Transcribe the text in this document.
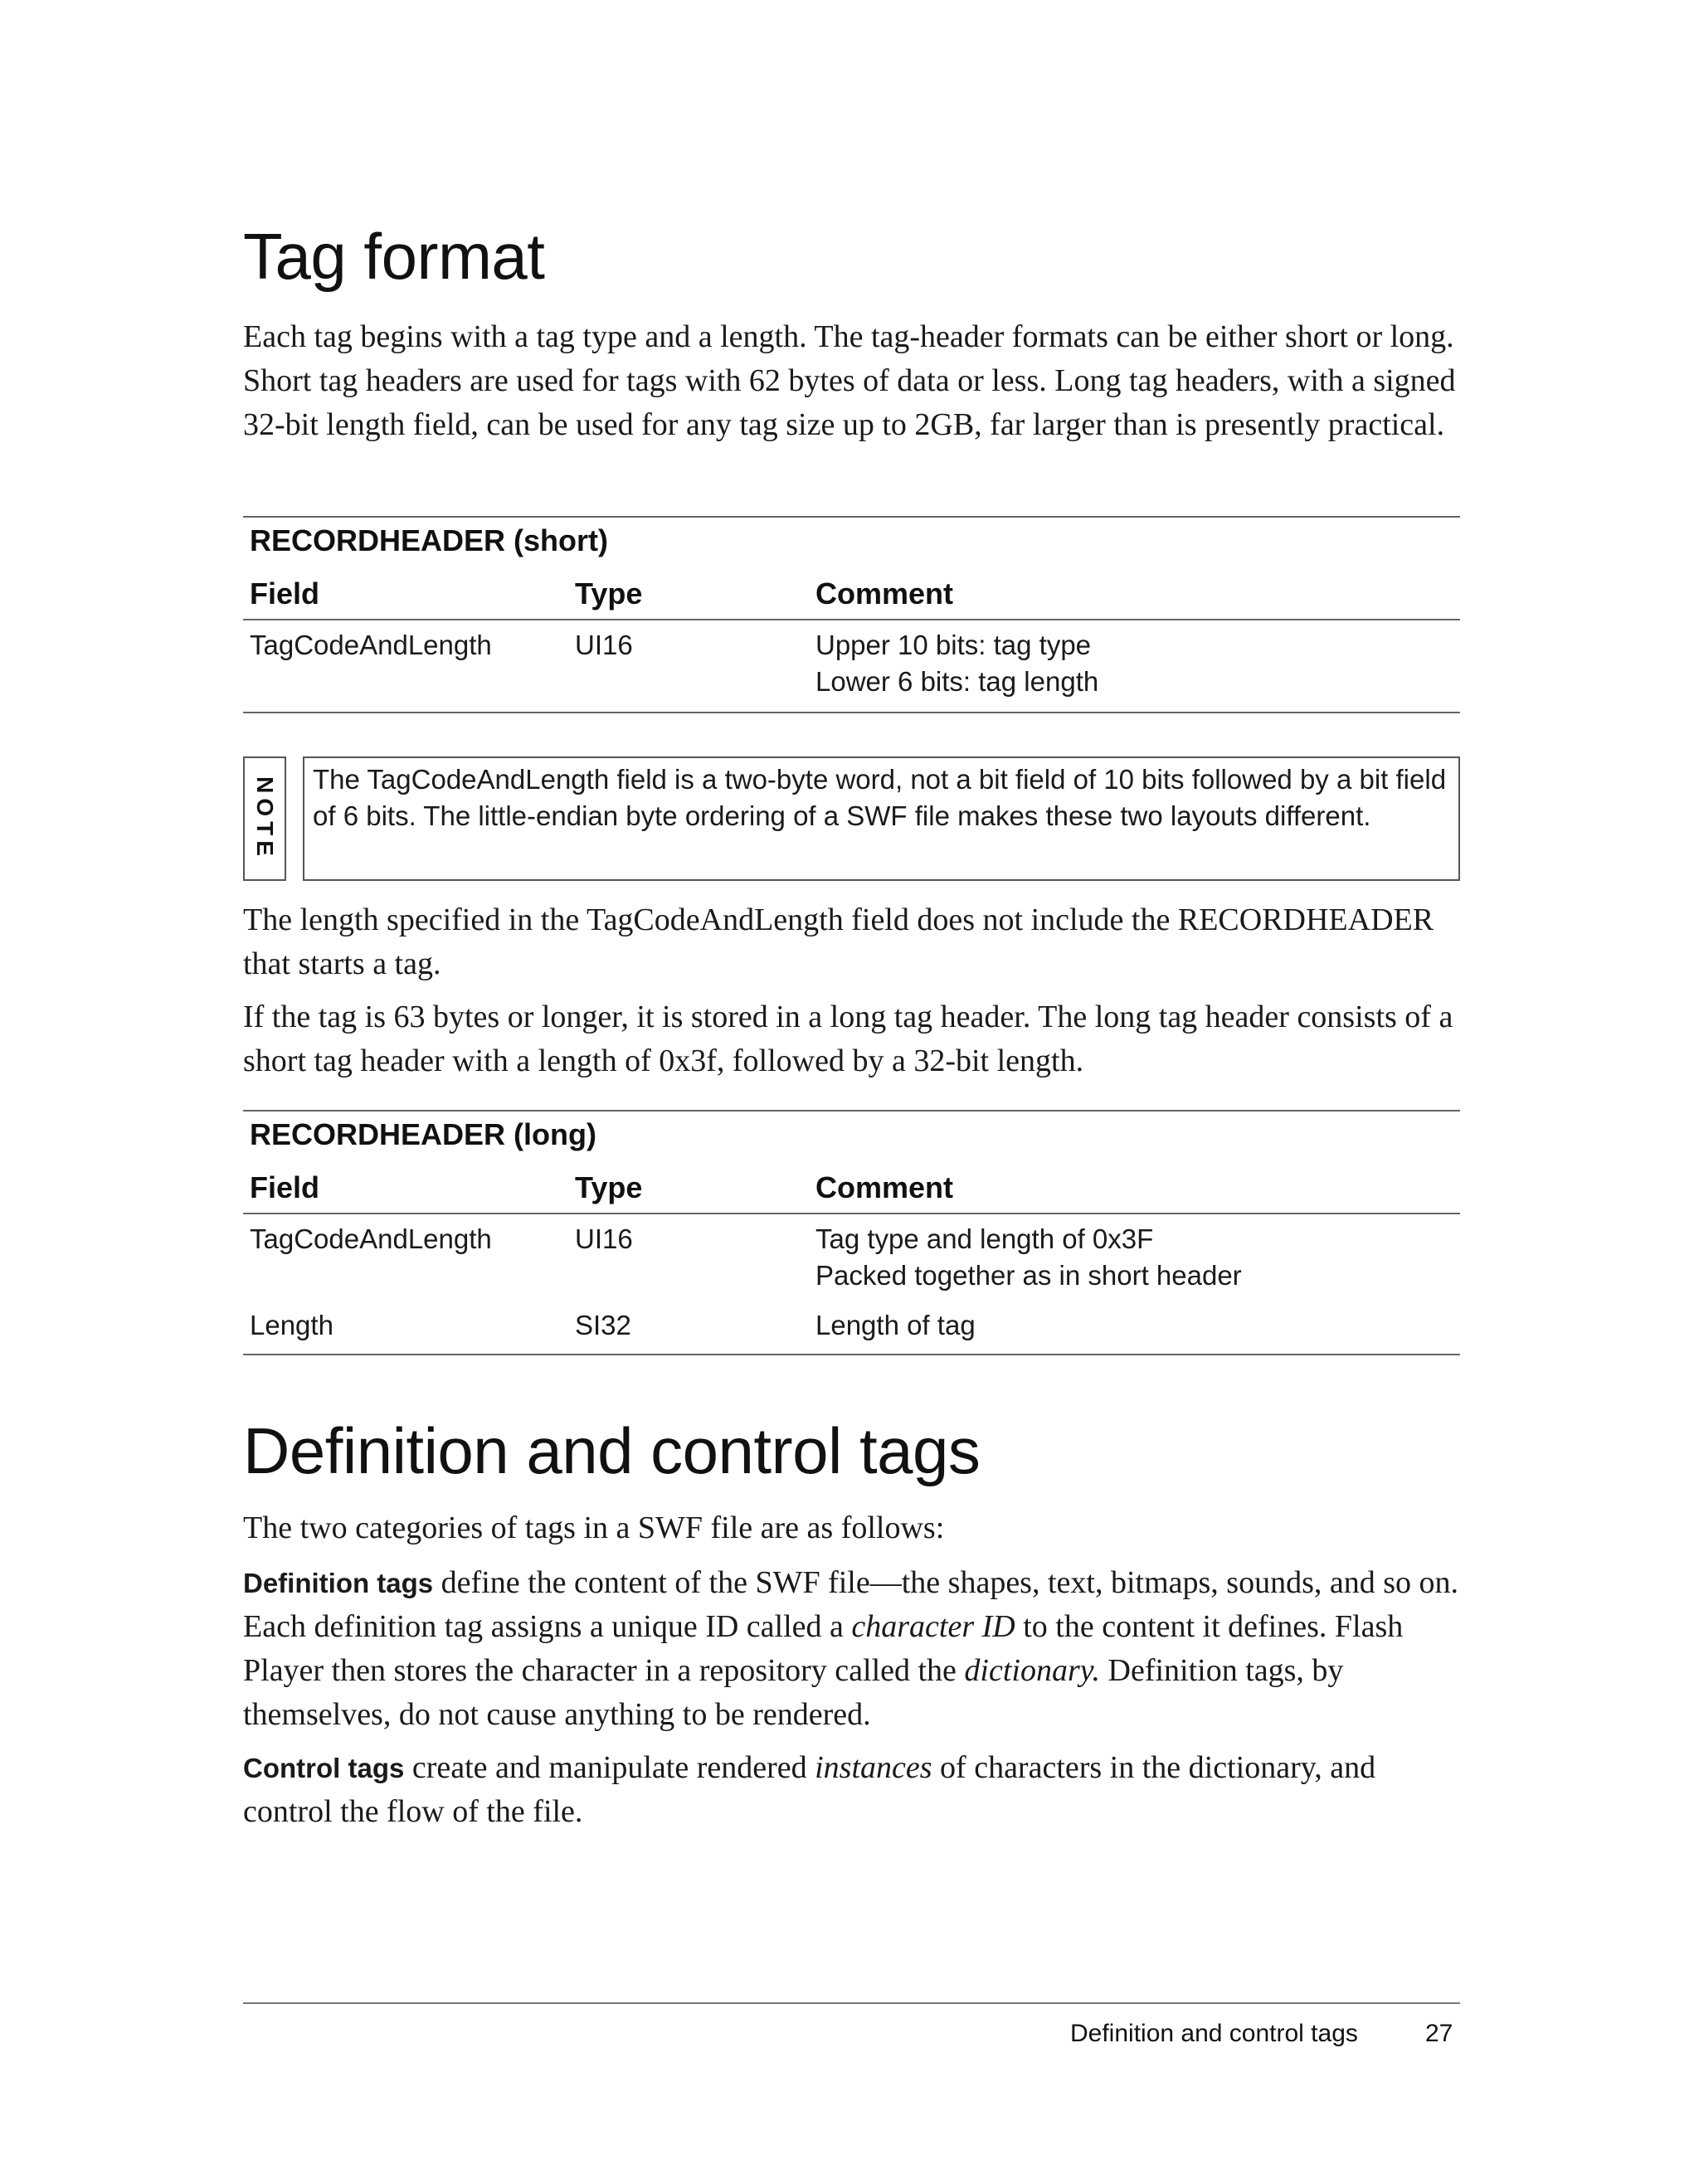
Tag format

Each tag begins with a tag type and a length. The tag-header formats can be either short or long. Short tag headers are used for tags with 62 bytes of data or less. Long tag headers, with a signed 32-bit length field, can be used for any tag size up to 2GB, far larger than is presently practical.

RECORDHEADER (short)
Field	Type	Comment
TagCodeAndLength	UI16	Upper 10 bits: tag type
Lower 6 bits: tag length
NOTE	The TagCodeAndLength field is a two-byte word, not a bit field of 10 bits followed by a bit field of 6 bits. The little-endian byte ordering of a SWF file makes these two layouts different.

The length specified in the TagCodeAndLength field does not include the RECORDHEADER that starts a tag.

If the tag is 63 bytes or longer, it is stored in a long tag header. The long tag header consists of a short tag header with a length of 0x3f, followed by a 32-bit length.

RECORDHEADER (long)
Field	Type	Comment
TagCodeAndLength	UI16	Tag type and length of 0x3F
Packed together as in short header
Length	SI32	Length of tag
Definition and control tags

The two categories of tags in a SWF file are as follows:

Definition tags define the content of the SWF file—the shapes, text, bitmaps, sounds, and so on. Each definition tag assigns a unique ID called a character ID to the content it defines. Flash Player then stores the character in a repository called the dictionary. Definition tags, by themselves, do not cause anything to be rendered.

Control tags create and manipulate rendered instances of characters in the dictionary, and control the flow of the file.

Definition and control tags	27
